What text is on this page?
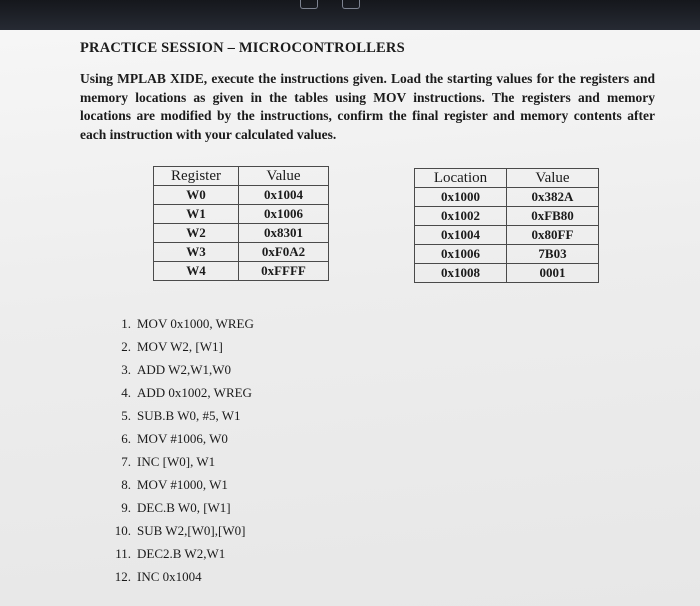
PRACTICE SESSION – MICROCONTROLLERS

Using MPLAB XIDE, execute the instructions given. Load the starting values for the registers and memory locations as given in the tables using MOV instructions. The registers and memory locations are modified by the instructions, confirm the final register and memory contents after each instruction with your calculated values.

Register	Value
W0	0x1004
W1	0x1006
W2	0x8301
W3	0xF0A2
W4	0xFFFF
Location	Value
0x1000	0x382A
0x1002	0xFB80
0x1004	0x80FF
0x1006	7B03
0x1008	0001
1. MOV 0x1000, WREG
2. MOV W2, [W1]
3. ADD W2,W1,W0
4. ADD 0x1002, WREG
5. SUB.B W0, #5, W1
6. MOV #1006, W0
7. INC [W0], W1
8. MOV #1000, W1
9. DEC.B W0, [W1]
10. SUB W2,[W0],[W0]
11. DEC2.B W2,W1
12. INC 0x1004
